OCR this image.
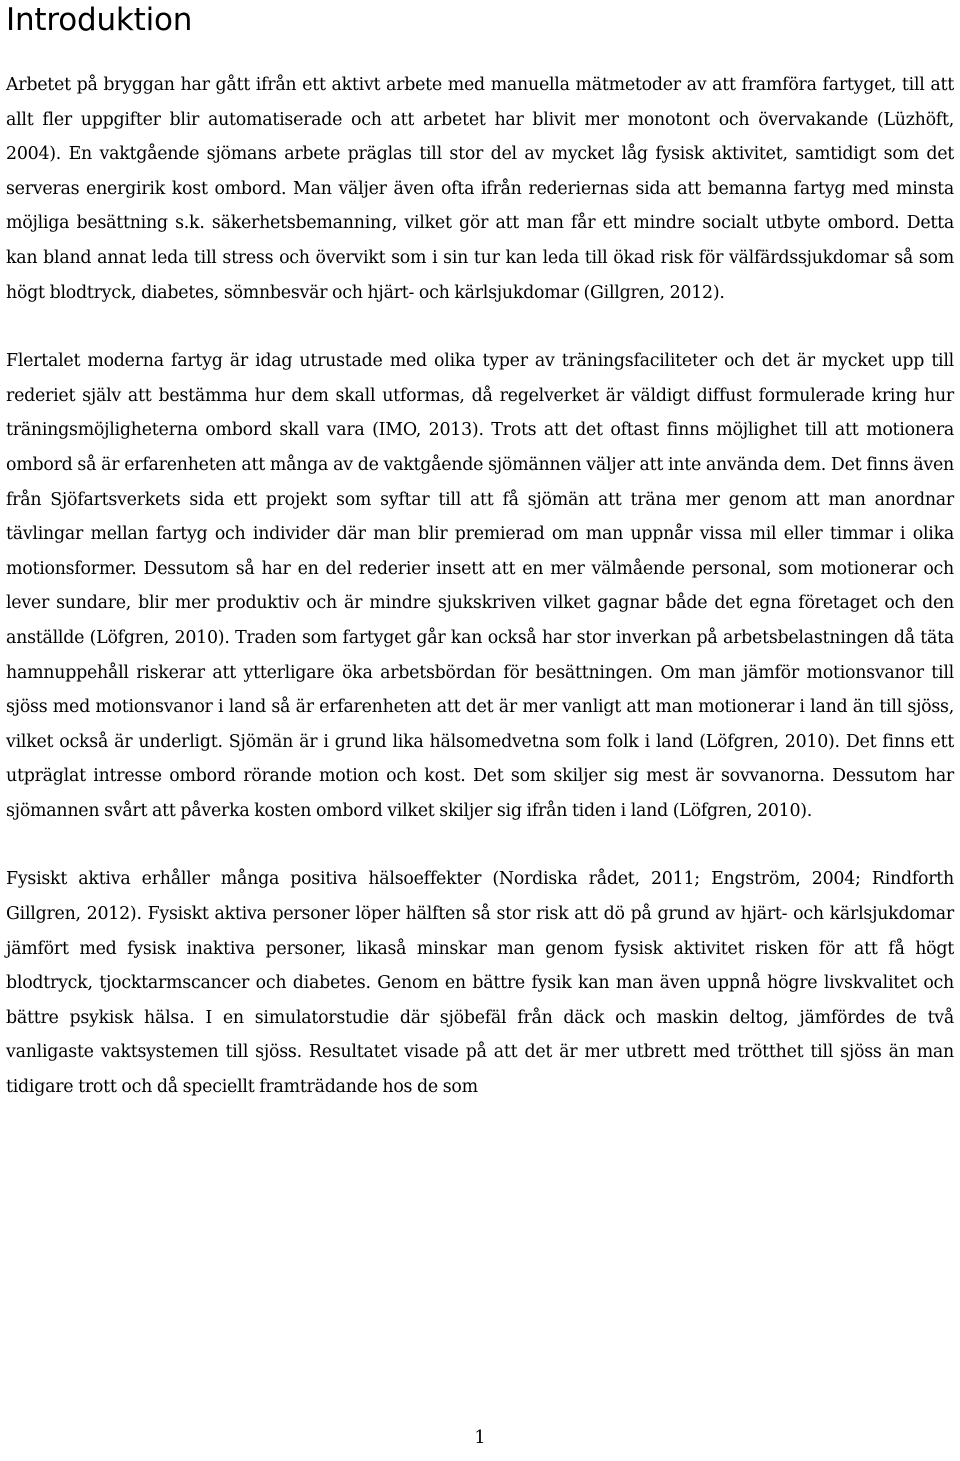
Introduktion

Arbetet på bryggan har gått ifrån ett aktivt arbete med manuella mätmetoder av att framföra fartyget, till att allt fler uppgifter blir automatiserade och att arbetet har blivit mer monotont och övervakande (Lüzhöft, 2004). En vaktgående sjömans arbete präglas till stor del av mycket låg fysisk aktivitet, samtidigt som det serveras energirik kost ombord. Man väljer även ofta ifrån rederiernas sida att bemanna fartyg med minsta möjliga besättning s.k. säkerhetsbemanning, vilket gör att man får ett mindre socialt utbyte ombord. Detta kan bland annat leda till stress och övervikt som i sin tur kan leda till ökad risk för välfärdssjukdomar så som högt blodtryck, diabetes, sömnbesvär och hjärt- och kärlsjukdomar (Gillgren, 2012).

Flertalet moderna fartyg är idag utrustade med olika typer av träningsfaciliteter och det är mycket upp till rederiet själv att bestämma hur dem skall utformas, då regelverket är väldigt diffust formulerade kring hur träningsmöjligheterna ombord skall vara (IMO, 2013). Trots att det oftast finns möjlighet till att motionera ombord så är erfarenheten att många av de vaktgående sjömännen väljer att inte använda dem. Det finns även från Sjöfartsverkets sida ett projekt som syftar till att få sjömän att träna mer genom att man anordnar tävlingar mellan fartyg och individer där man blir premierad om man uppnår vissa mil eller timmar i olika motionsformer. Dessutom så har en del rederier insett att en mer välmående personal, som motionerar och lever sundare, blir mer produktiv och är mindre sjukskriven vilket gagnar både det egna företaget och den anställde (Löfgren, 2010). Traden som fartyget går kan också har stor inverkan på arbetsbelastningen då täta hamnuppehåll riskerar att ytterligare öka arbetsbördan för besättningen. Om man jämför motionsvanor till sjöss med motionsvanor i land så är erfarenheten att det är mer vanligt att man motionerar i land än till sjöss, vilket också är underligt. Sjömän är i grund lika hälsomedvetna som folk i land (Löfgren, 2010). Det finns ett utpräglat intresse ombord rörande motion och kost. Det som skiljer sig mest är sovvanorna. Dessutom har sjömannen svårt att påverka kosten ombord vilket skiljer sig ifrån tiden i land (Löfgren, 2010).

Fysiskt aktiva erhåller många positiva hälsoeffekter (Nordiska rådet, 2011; Engström, 2004; Rindforth Gillgren, 2012). Fysiskt aktiva personer löper hälften så stor risk att dö på grund av hjärt- och kärlsjukdomar jämfört med fysisk inaktiva personer, likaså minskar man genom fysisk aktivitet risken för att få högt blodtryck, tjocktarmscancer och diabetes. Genom en bättre fysik kan man även uppnå högre livskvalitet och bättre psykisk hälsa. I en simulatorstudie där sjöbefäl från däck och maskin deltog, jämfördes de två vanligaste vaktsystemen till sjöss. Resultatet visade på att det är mer utbrett med trötthet till sjöss än man tidigare trott och då speciellt framträdande hos de som

1
